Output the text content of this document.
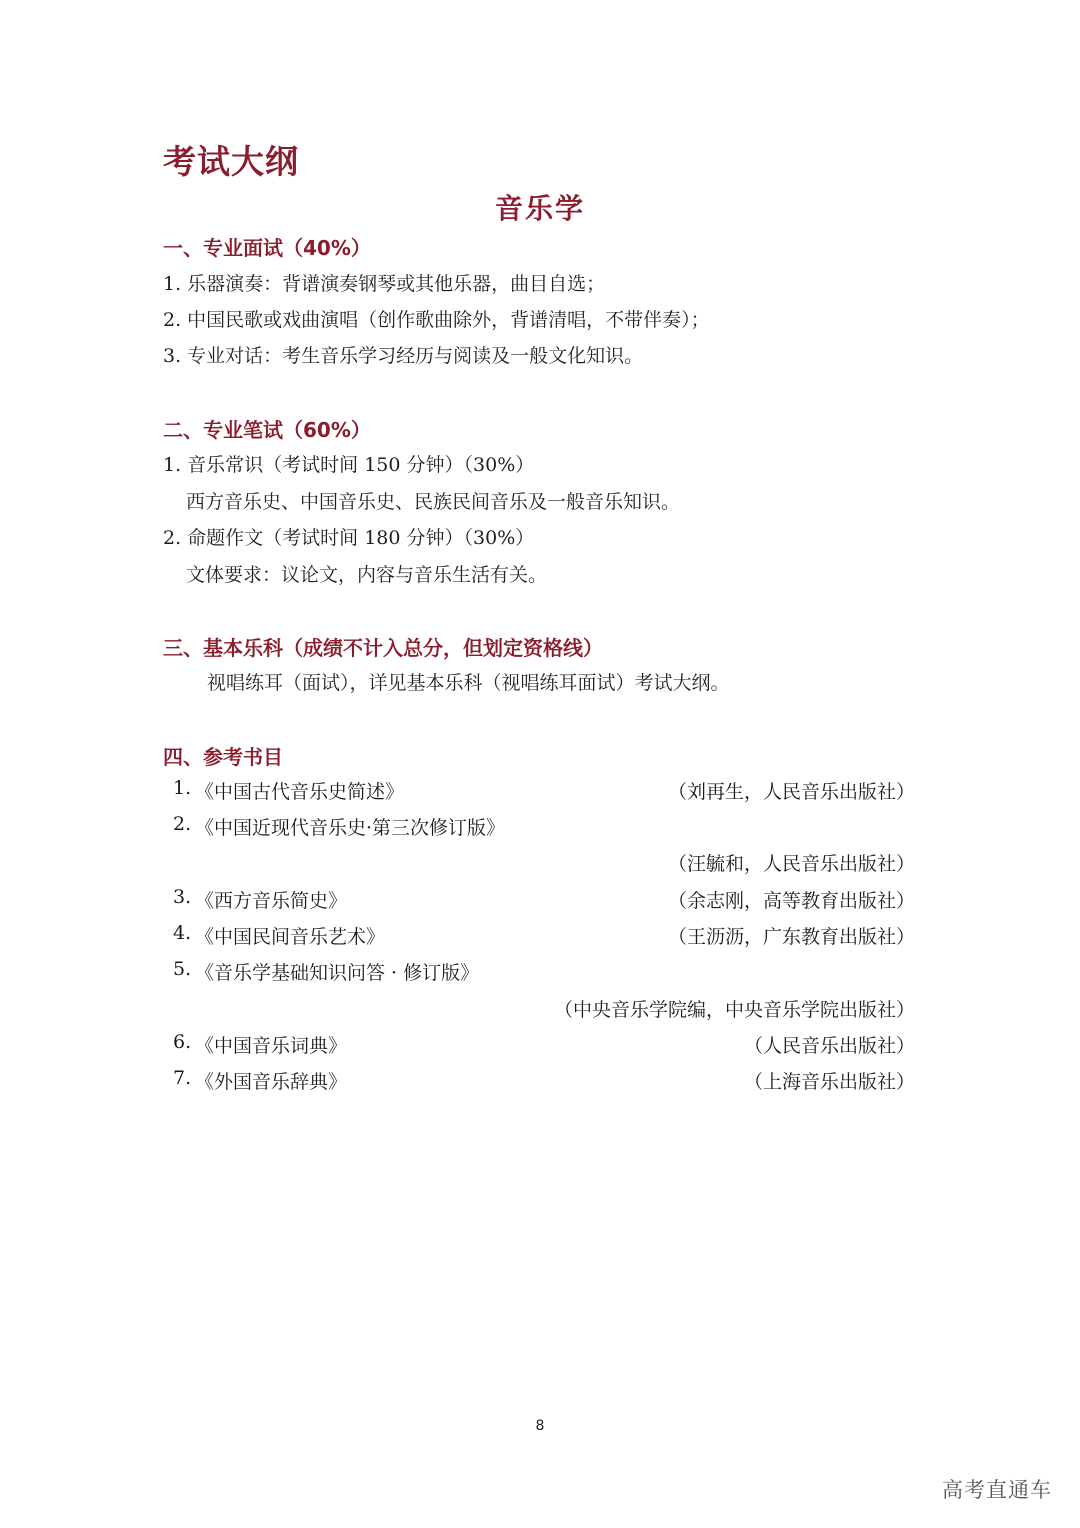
考试大纲
音乐学
一、专业面试（40%）
1. 乐器演奏：背谱演奏钢琴或其他乐器，曲目自选；
2. 中国民歌或戏曲演唱（创作歌曲除外，背谱清唱，不带伴奏）；
3. 专业对话：考生音乐学习经历与阅读及一般文化知识。
二、专业笔试（60%）
1. 音乐常识（考试时间 150 分钟）（30%）
西方音乐史、中国音乐史、民族民间音乐及一般音乐知识。
2. 命题作文（考试时间 180 分钟）（30%）
文体要求：议论文，内容与音乐生活有关。
三、基本乐科（成绩不计入总分，但划定资格线）
视唱练耳（面试），详见基本乐科（视唱练耳面试）考试大纲。
四、参考书目
1. 《中国古代音乐史简述》	（刘再生，人民音乐出版社）
2. 《中国近现代音乐史·第三次修订版》
（汪毓和，人民音乐出版社）
3. 《西方音乐简史》	（余志刚，高等教育出版社）
4. 《中国民间音乐艺术》	（王沥沥，广东教育出版社）
5. 《音乐学基础知识问答 · 修订版》
（中央音乐学院编，中央音乐学院出版社）
6. 《中国音乐词典》	（人民音乐出版社）
7. 《外国音乐辞典》	（上海音乐出版社）
8
高考直通车
